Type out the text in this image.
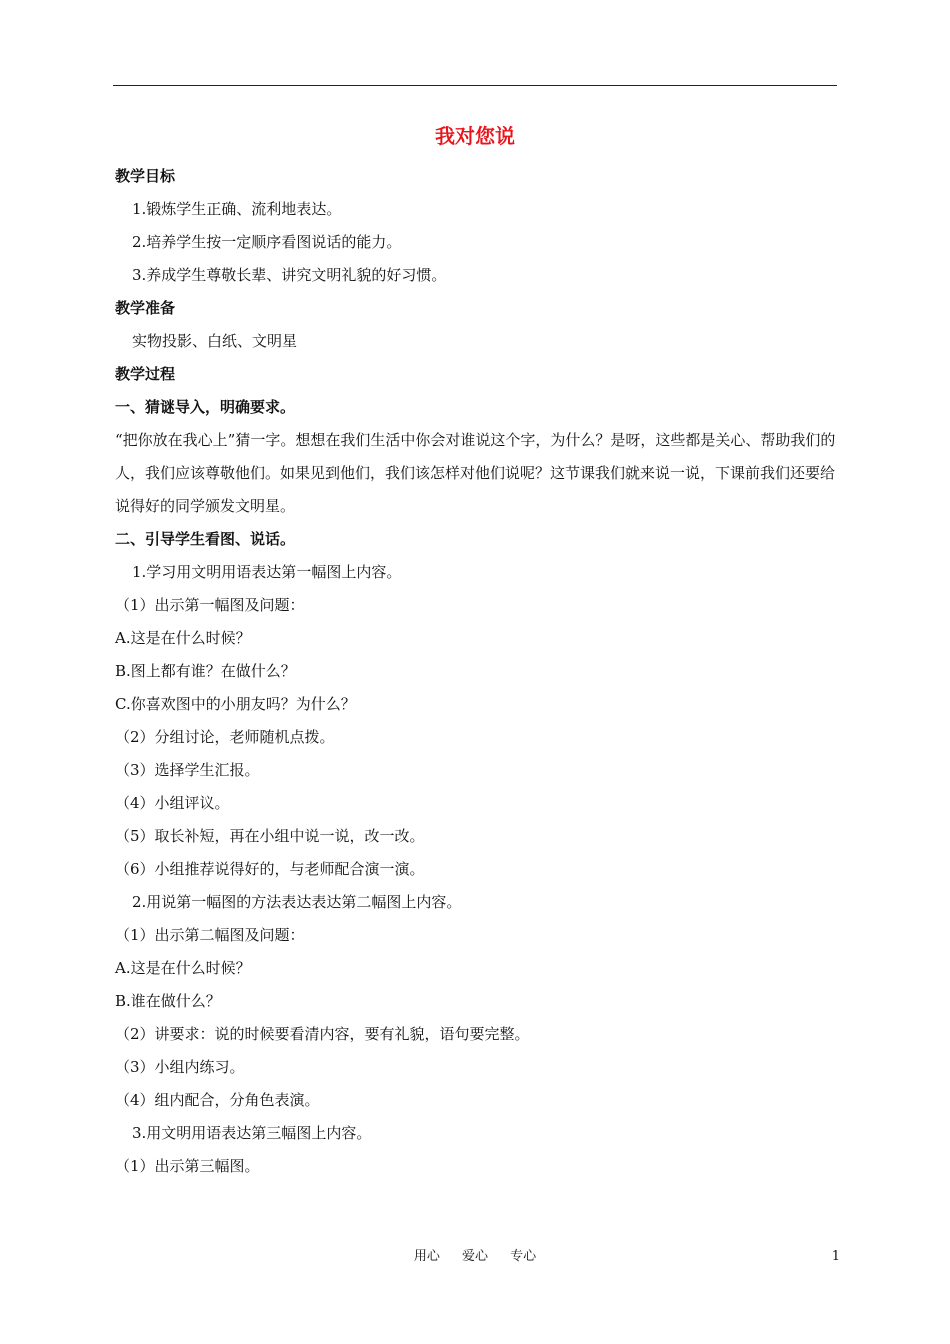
我对您说
教学目标
1.锻炼学生正确、流利地表达。
2.培养学生按一定顺序看图说话的能力。
3.养成学生尊敬长辈、讲究文明礼貌的好习惯。
教学准备
实物投影、白纸、文明星
教学过程
一、猜谜导入，明确要求。
“把你放在我心上”猜一字。想想在我们生活中你会对谁说这个字，为什么？是呀，这些都是关心、帮助我们的人，我们应该尊敬他们。如果见到他们，我们该怎样对他们说呢？这节课我们就来说一说，下课前我们还要给说得好的同学颁发文明星。
二、引导学生看图、说话。
1.学习用文明用语表达第一幅图上内容。
（1）出示第一幅图及问题：
A.这是在什么时候？
B.图上都有谁？在做什么？
C.你喜欢图中的小朋友吗？为什么？
（2）分组讨论，老师随机点拨。
（3）选择学生汇报。
（4）小组评议。
（5）取长补短，再在小组中说一说，改一改。
（6）小组推荐说得好的，与老师配合演一演。
2.用说第一幅图的方法表达表达第二幅图上内容。
（1）出示第二幅图及问题：
A.这是在什么时候？
B.谁在做什么？
（2）讲要求：说的时候要看清内容，要有礼貌，语句要完整。
（3）小组内练习。
（4）组内配合，分角色表演。
3.用文明用语表达第三幅图上内容。
（1）出示第三幅图。
用心 爱心 专心	1
